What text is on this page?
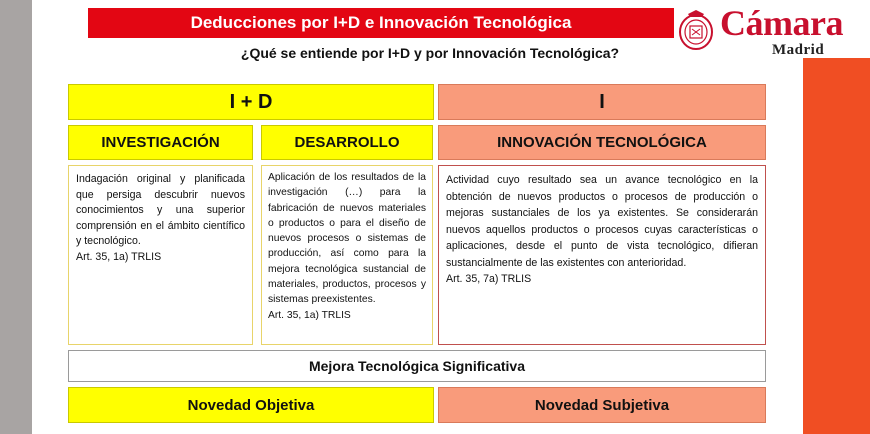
Deducciones por I+D e Innovación Tecnológica
¿Qué se entiende por I+D y por Innovación Tecnológica?
Cámara
Madrid
I + D	I
INVESTIGACIÓN	DESARROLLO	INNOVACIÓN TECNOLÓGICA

Indagación original y planificada que persiga descubrir nuevos conocimientos y una superior comprensión en el ámbito científico y tecnológico.

Art. 35, 1a) TRLIS

Aplicación de los resultados de la investigación (…) para la fabricación de nuevos materiales o productos o para el diseño de nuevos procesos o sistemas de producción, así como para la mejora tecnológica sustancial de materiales, productos, procesos y sistemas preexistentes.

Art. 35, 1a) TRLIS

Actividad cuyo resultado sea un avance tecnológico en la obtención de nuevos productos o procesos de producción o mejoras sustanciales de los ya existentes. Se considerarán nuevos aquellos productos o procesos cuyas características o aplicaciones, desde el punto de vista tecnológico, difieran sustancialmente de las existentes con anterioridad.

Art. 35, 7a) TRLIS

Mejora Tecnológica Significativa
Novedad Objetiva	Novedad Subjetiva
